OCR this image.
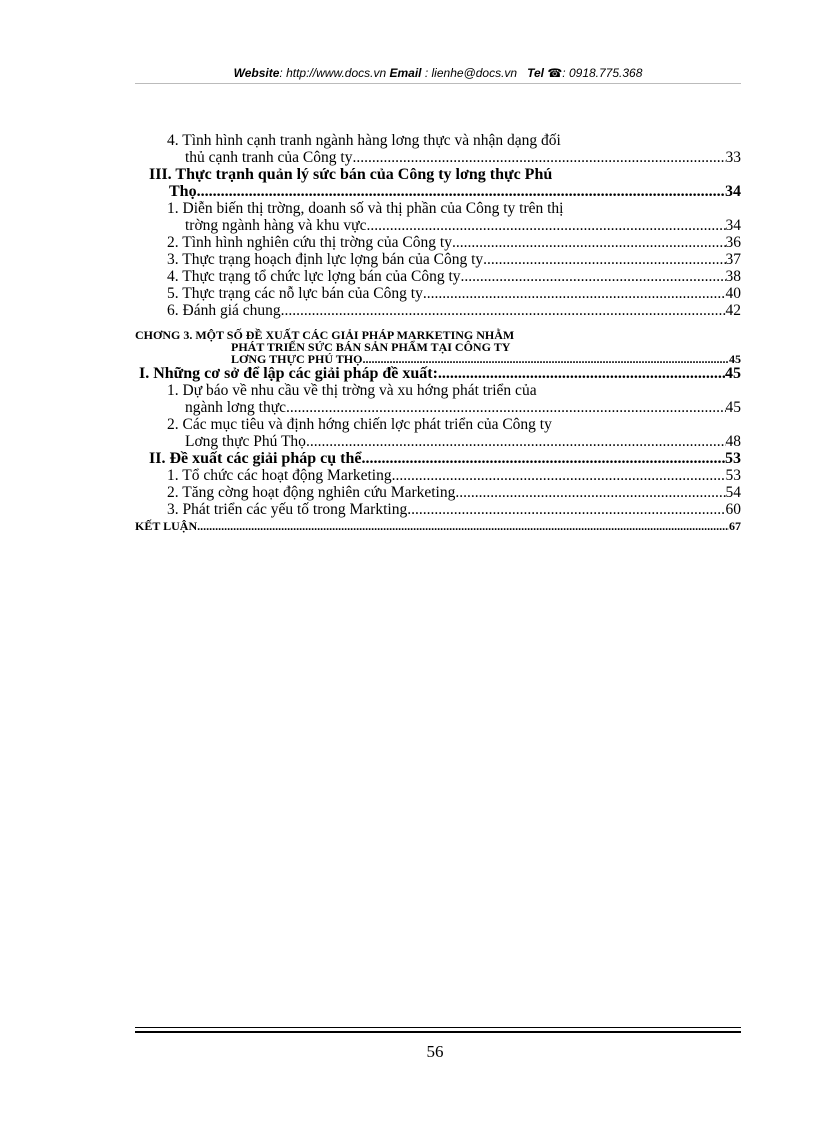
Website: http://www.docs.vn Email : lienhe@docs.vn Tel ☎: 0918.775.368
4. Tình hình cạnh tranh ngành hàng lơng thực và nhận dạng đối
thủ cạnh tranh của Công ty .....	33
III. Thực trạnh quản lý sức bán của Công ty lơng thực Phú
Thọ .....	34
1. Diễn biến thị trờng, doanh số và thị phần của Công ty trên thị
trờng ngành hàng và khu vực .....	34
2. Tình hình nghiên cứu thị trờng của Công ty .....	36
3. Thực trạng hoạch định lực lợng bán của Công ty .....	37
4. Thực trạng tổ chức lực lợng bán của Công ty .....	38
5. Thực trạng các nỗ lực bán của Công ty .....	40
6. Đánh giá chung. .....	42
CHƠNG 3. MỘT SỐ ĐỀ XUẤT CÁC GIẢI PHÁP MARKETING NHẰM
PHÁT TRIỂN SỨC BÁN SẢN PHẨM TẠI CÔNG TY
LƠNG THỰC PHÚ THỌ .....	45
I. Những cơ sở để lập các giải pháp đề xuất: .....	45
1. Dự báo về nhu cầu về thị trờng và xu hớng phát triển của
ngành lơng thực .....	45
2. Các mục tiêu và định hớng chiến lợc phát triển của Công ty
Lơng thực Phú Thọ .....	48
II. Đề xuất các giải pháp cụ thể .....	53
1. Tổ chức các hoạt động Marketing. .....	53
2. Tăng cờng hoạt động nghiên cứu Marketing. .....	54
3. Phát triển các yếu tố trong Markting .....	60
KẾT LUẬN .....	67
56
